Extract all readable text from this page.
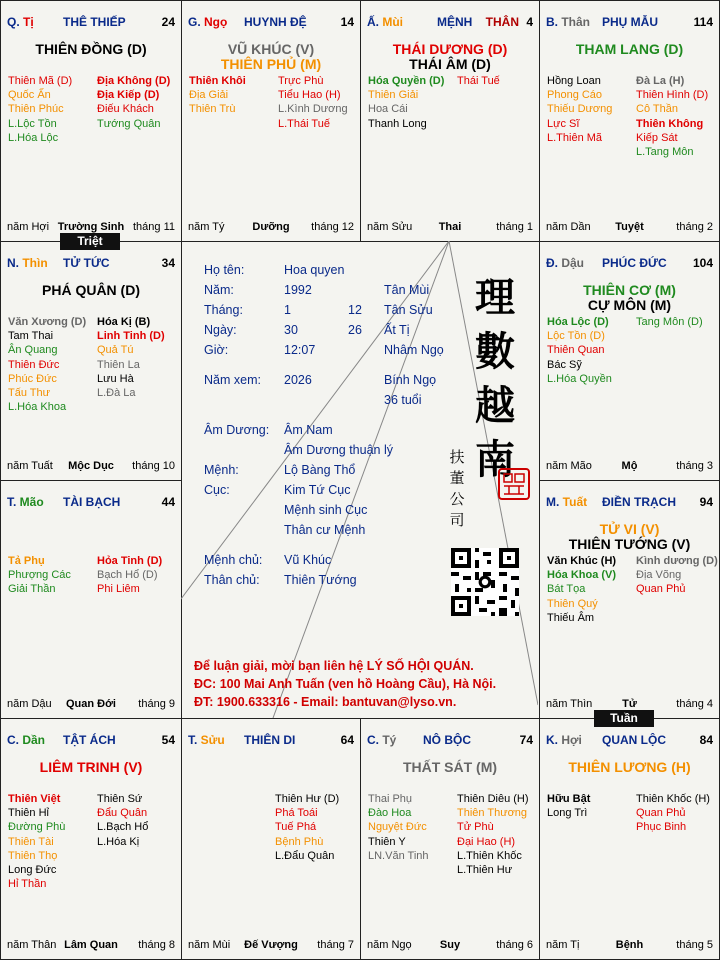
Q. Tị THÊ THIẾP	24
THIÊN ĐỒNG (D)
Thiên Mã (D)
Quốc Ấn
Thiên Phúc
L.Lộc Tồn
L.Hóa Lộc
Địa Không (D)
Địa Kiếp (D)
Điếu Khách
Tướng Quân
năm Hợi Trường Sinh tháng 11
G. Ngọ HUYNH ĐỆ	14
VŨ KHÚC (V)
THIÊN PHỦ (M)
Thiên Khôi
Địa Giải
Thiên Trù
Trực Phù
Tiểu Hao (H)
L.Kình Dương
L.Thái Tuế
năm Tý	Dưỡng	tháng 12
Ấ. Mùi	MỆNH	4
THÂN
THÁI DƯƠNG (D)
THÁI ÂM (D)
Hóa Quyền (D)
Thiên Giải
Hoa Cái
Thanh Long
Thái Tuế
năm Sửu	Thai	tháng 1
B. Thân PHỤ MẪU	114
THAM LANG (D)
Hồng Loan
Phong Cáo
Thiếu Dương
Lực Sĩ
L.Thiên Mã
Đà La (H)
Thiên Hình (D)
Cô Thần
Thiên Không
Kiếp Sát
L.Tang Môn
năm Dần	Tuyệt	tháng 2
N. Thìn TỬ TỨC	34
PHÁ QUÂN (D)
Văn Xương (D)
Tam Thai
Ân Quang
Thiên Đức
Phúc Đức
Tấu Thư
L.Hóa Khoa
Hóa Kị (B)
Linh Tinh (D)
Quả Tú
Thiên La
Lưu Hà
L.Đà La
năm Tuất	Mộc Dục	tháng 10
Đ. Dậu PHÚC ĐỨC 104
THIÊN CƠ (M)
CỰ MÔN (M)
Hóa Lộc (D)
Lộc Tồn (D)
Thiên Quan
Bác Sỹ
L.Hóa Quyền
Tang Môn (D)
năm Mão	Mộ	tháng 3
T. Mão TÀI BẠCH	44
Tả Phụ
Phượng Các
Giải Thần
Hỏa Tinh (D)
Bạch Hổ (D)
Phi Liêm
năm Dậu	Quan Đới	tháng 9
M. Tuất ĐIỀN TRẠCH 94
TỬ VI (V)
THIÊN TƯỚNG (V)
Văn Khúc (H)
Hóa Khoa (V)
Bát Tọa
Thiên Quý
Thiếu Âm
Kình dương (D)
Địa Võng
Quan Phủ
năm Thìn	Tử	tháng 4
C. Dần TẬT ÁCH	54
LIÊM TRINH (V)
Thiên Việt
Thiên Hỉ
Đường Phù
Thiên Tài
Thiên Thọ
Long Đức
Hỉ Thần
Thiên Sứ
Đẩu Quân
L.Bạch Hổ
L.Hóa Kị
năm Thân Lâm Quan	tháng 8
T. Sửu THIÊN DI	64
Thiên Hư (D)
Phá Toái
Tuế Phá
Bệnh Phù
L.Đẩu Quân
năm Mùi	Đế Vượng	tháng 7
C. Tý NÔ BỘC	74
THẤT SÁT (M)
Thai Phụ
Đào Hoa
Nguyệt Đức
Thiên Y
LN.Văn Tinh
Thiên Diêu (H)
Thiên Thương
Tử Phù
Đại Hao (H)
L.Thiên Khốc
L.Thiên Hư
năm Ngọ	Suy	tháng 6
K. Hợi QUAN LỘC	84
THIÊN LƯƠNG (H)
Hữu Bật
Long Trì
Thiên Khốc (H)
Quan Phủ
Phục Binh
năm Tị	Bệnh	tháng 5
Triệt
Tuần
Họ tên:	Hoa quyen
Năm:	1992	Tân Mùi
Tháng:	1	12 Tân Sửu
Ngày:	30	26 Ất Tị
Giờ:	12:07	Nhâm Ngọ
Năm xem: 2026	Bính Ngọ
36 tuổi
Âm Dương: Âm Nam
Âm Dương thuận lý
Mệnh:	Lộ Bàng Thổ
Cục:	Kim Tứ Cục
Mệnh sinh Cục
Thân cư Mệnh
Mệnh chủ: Vũ Khúc
Thân chủ: Thiên Tướng
理
數
越
南
扶
董
公
司
Để luận giải, mời bạn liên hệ LÝ SỐ HỘI QUÁN.
ĐC: 100 Mai Anh Tuấn (ven hồ Hoàng Cầu), Hà Nội.
ĐT: 1900.633316 - Email: bantuvan@lyso.vn.
